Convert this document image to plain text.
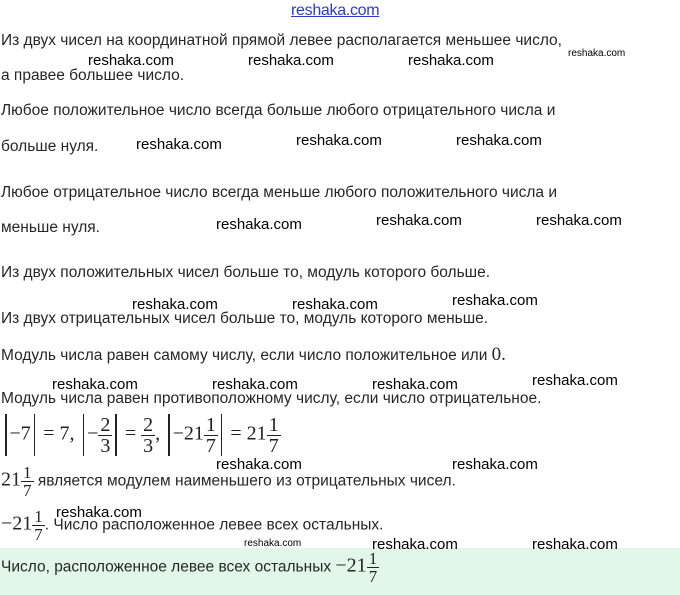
reshaka.com
Из двух чисел на координатной прямой левее располагается меньшее число,
а правее большее число.
Любое положительное число всегда больше любого отрицательного числа и
больше нуля.
Любое отрицательное число всегда меньше любого положительного числа и
меньше нуля.
Из двух положительных чисел больше то, модуль которого больше.
Из двух отрицательных чисел больше то, модуль которого меньше.
Модуль числа равен самому числу, если число положительное или 0.
Модуль числа равен противоположному числу, если число отрицательное.
−7 = 7, − $\frac{2}{3} = \frac{2}{3}$ , $-21 \frac{1}{7} = 21 \frac{1}{7}$
$21 \frac{1}{7}$ является модулем наименьшего из отрицательных чисел.
$-21 \frac{1}{7}$ . Число расположенное левее всех остальных.
Число, расположенное левее всех остальных $-21 \frac{1}{7}$
reshaka.com	reshaka.com	reshaka.com	reshaka.com
reshaka.com	reshaka.com	reshaka.com
reshaka.com	reshaka.com	reshaka.com
reshaka.com	reshaka.com	reshaka.com
reshaka.com	reshaka.com	reshaka.com	reshaka.com
reshaka.com	reshaka.com
reshaka.com
reshaka.com	reshaka.com	reshaka.com
